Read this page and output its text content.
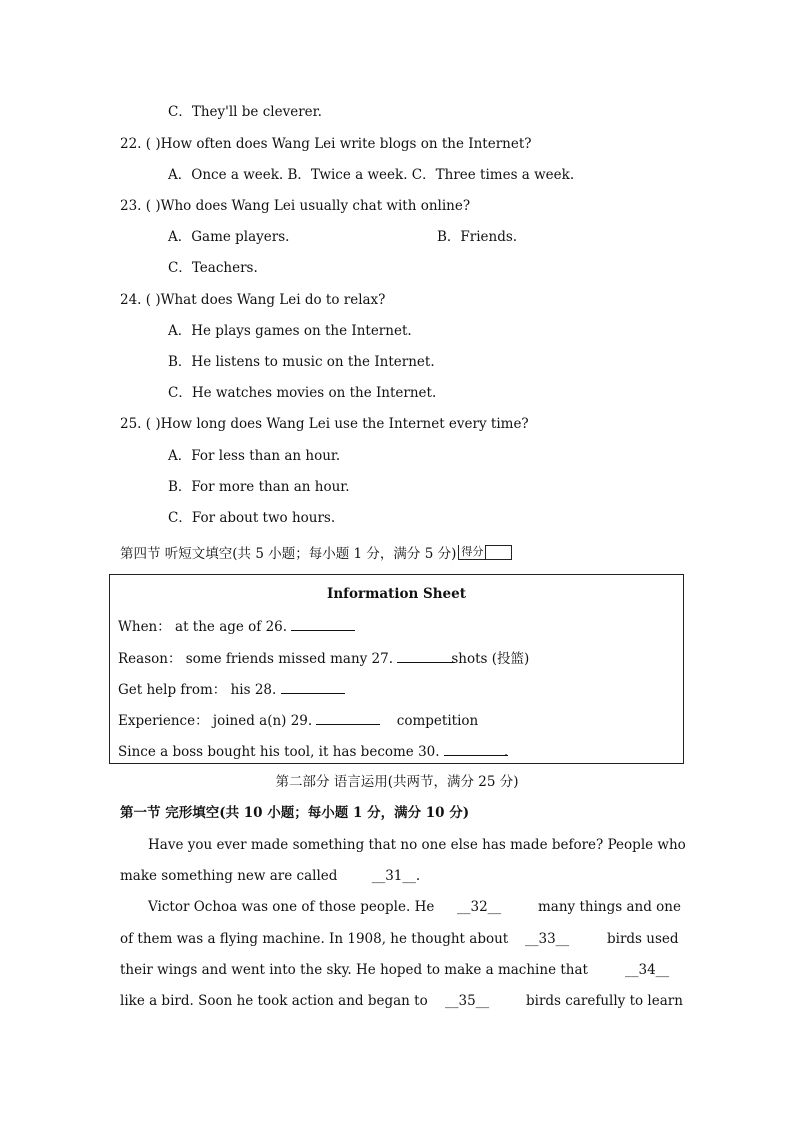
C．They'll be cleverer.
22. ( )How often does Wang Lei write blogs on the Internet?
A．Once a week. B．Twice a week. C．Three times a week.
23. ( )Who does Wang Lei usually chat with online?
A．Game players.	B．Friends.
C．Teachers.
24. ( )What does Wang Lei do to relax?
A．He plays games on the Internet.
B．He listens to music on the Internet.
C．He watches movies on the Internet.
25. ( )How long does Wang Lei use the Internet every time?
A．For less than an hour.
B．For more than an hour.
C．For about two hours.
第四节 听短文填空(共 5 小题；每小题 1 分，满分 5 分) 得分
Information Sheet
When： at the age of 26.
Reason： some friends missed many 27.	shots (投篮)
Get help from： his 28.
Experience： joined a(n) 29.	competition
Since a boss bought his tool, it has become 30.	.
第二部分 语言运用(共两节，满分 25 分)
第一节 完形填空(共 10 小题；每小题 1 分，满分 10 分)
Have you ever made something that no one else has made before? People who
make something new are called	__31__.
Victor Ochoa was one of those people. He __32__	many things and one
of them was a flying machine. In 1908, he thought about __33__	birds used
their wings and went into the sky. He hoped to make a machine that	__34__
like a bird. Soon he took action and began to __35__	birds carefully to learn
